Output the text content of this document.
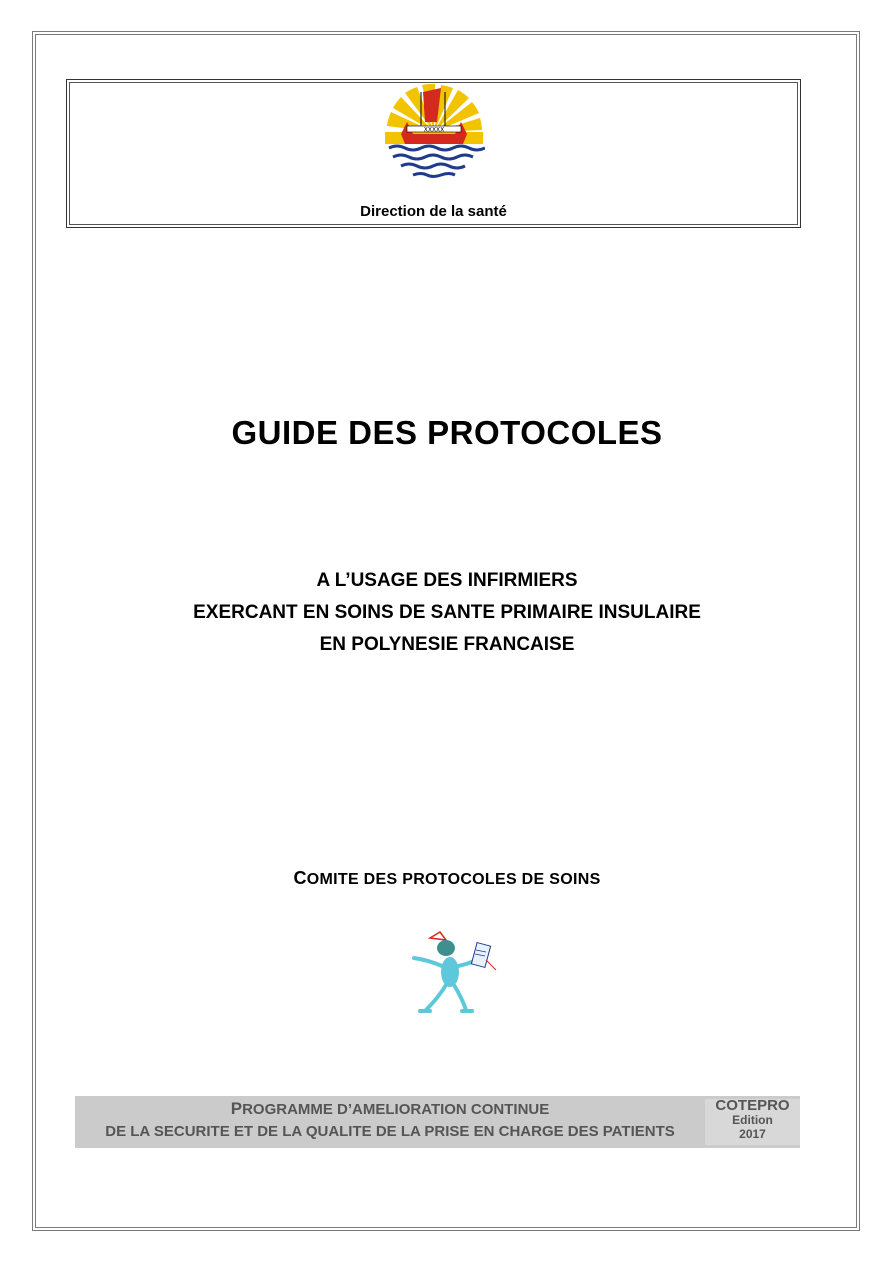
XXXXX
Direction de la santé
GUIDE DES PROTOCOLES
A L’USAGE DES INFIRMIERS
EXERCANT EN SOINS DE SANTE PRIMAIRE INSULAIRE
EN POLYNESIE FRANCAISE
COMITE DES PROTOCOLES DE SOINS
PROGRAMME D’AMELIORATION CONTINUE
DE LA SECURITE ET DE LA QUALITE DE LA PRISE EN CHARGE DES PATIENTS
COTEPRO
Edition
2017
